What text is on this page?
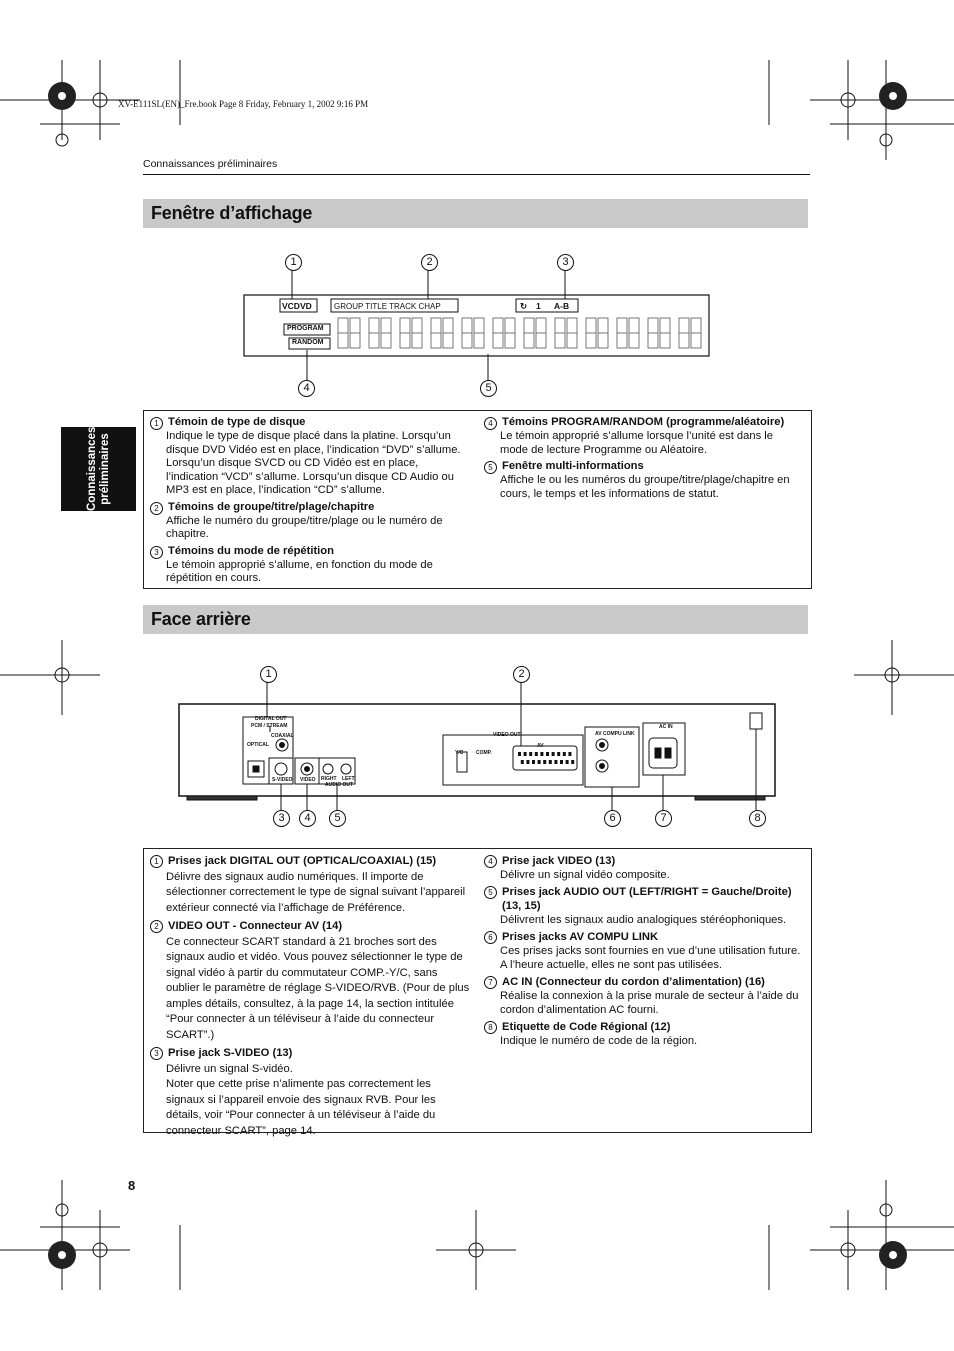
XV-E111SL(EN)_Fre.book Page 8 Friday, February 1, 2002 9:16 PM
Connaissances préliminaires
Connaissances préliminaires
Fenêtre d’affichage
VCDVD	GROUP TITLE TRACK CHAP	↻ 1 A-B
PROGRAM
RANDOM
1	2	3
4	5
1 Témoin de type de disque
Indique le type de disque placé dans la platine. Lorsqu’un disque DVD Vidéo est en place, l’indication “DVD” s’allume. Lorsqu’un disque SVCD ou CD Vidéo est en place, l’indication “VCD” s’allume. Lorsqu’un disque CD Audio ou MP3 est en place, l’indication “CD” s’allume.
2 Témoins de groupe/titre/plage/chapitre
Affiche le numéro du groupe/titre/plage ou le numéro de chapitre.
3 Témoins du mode de répétition
Le témoin approprié s’allume, en fonction du mode de répétition en cours.
4 Témoins PROGRAM/RANDOM (programme/aléatoire)
Le témoin approprié s’allume lorsque l’unité est dans le mode de lecture Programme ou Aléatoire.
5 Fenêtre multi-informations
Affiche le ou les numéros du groupe/titre/plage/chapitre en cours, le temps et les informations de statut.
Face arrière
DIGITAL OUT
PCM / STREAM
COAXIAL
OPTICAL
S-VIDEO VIDEO RIGHT LEFT
AUDIO OUT
VIDEO OUT
Y/C	COMP.
AV
AV COMPU LINK
AC IN
1	2
3	4	5	6	7	8
1 Prises jack DIGITAL OUT (OPTICAL/COAXIAL) (15)
Délivre des signaux audio numériques. Il importe de sélectionner correctement le type de signal suivant l’appareil extérieur connecté via l’affichage de Préférence.
2 VIDEO OUT - Connecteur AV (14)
Ce connecteur SCART standard à 21 broches sort des signaux audio et vidéo. Vous pouvez sélectionner le type de signal vidéo à partir du commutateur COMP.-Y/C, sans oublier le paramètre de réglage S-VIDEO/RVB. (Pour de plus amples détails, consultez, à la page 14, la section intitulée “Pour connecter à un téléviseur à l’aide du connecteur SCART”.)
3 Prise jack S-VIDEO (13)
Délivre un signal S-vidéo.
Noter que cette prise n’alimente pas correctement les signaux si l’appareil envoie des signaux RVB. Pour les détails, voir “Pour connecter à un téléviseur à l’aide du connecteur SCART”, page 14.
4 Prise jack VIDEO (13)
Délivre un signal vidéo composite.
5 Prises jack AUDIO OUT (LEFT/RIGHT = Gauche/Droite) (13, 15)
Délivrent les signaux audio analogiques stéréophoniques.
6 Prises jacks AV COMPU LINK
Ces prises jacks sont fournies en vue d’une utilisation future. A l’heure actuelle, elles ne sont pas utilisées.
7 AC IN (Connecteur du cordon d’alimentation) (16)
Réalise la connexion à la prise murale de secteur à l’aide du cordon d’alimentation AC fourni.
8 Etiquette de Code Régional (12)
Indique le numéro de code de la région.
8
